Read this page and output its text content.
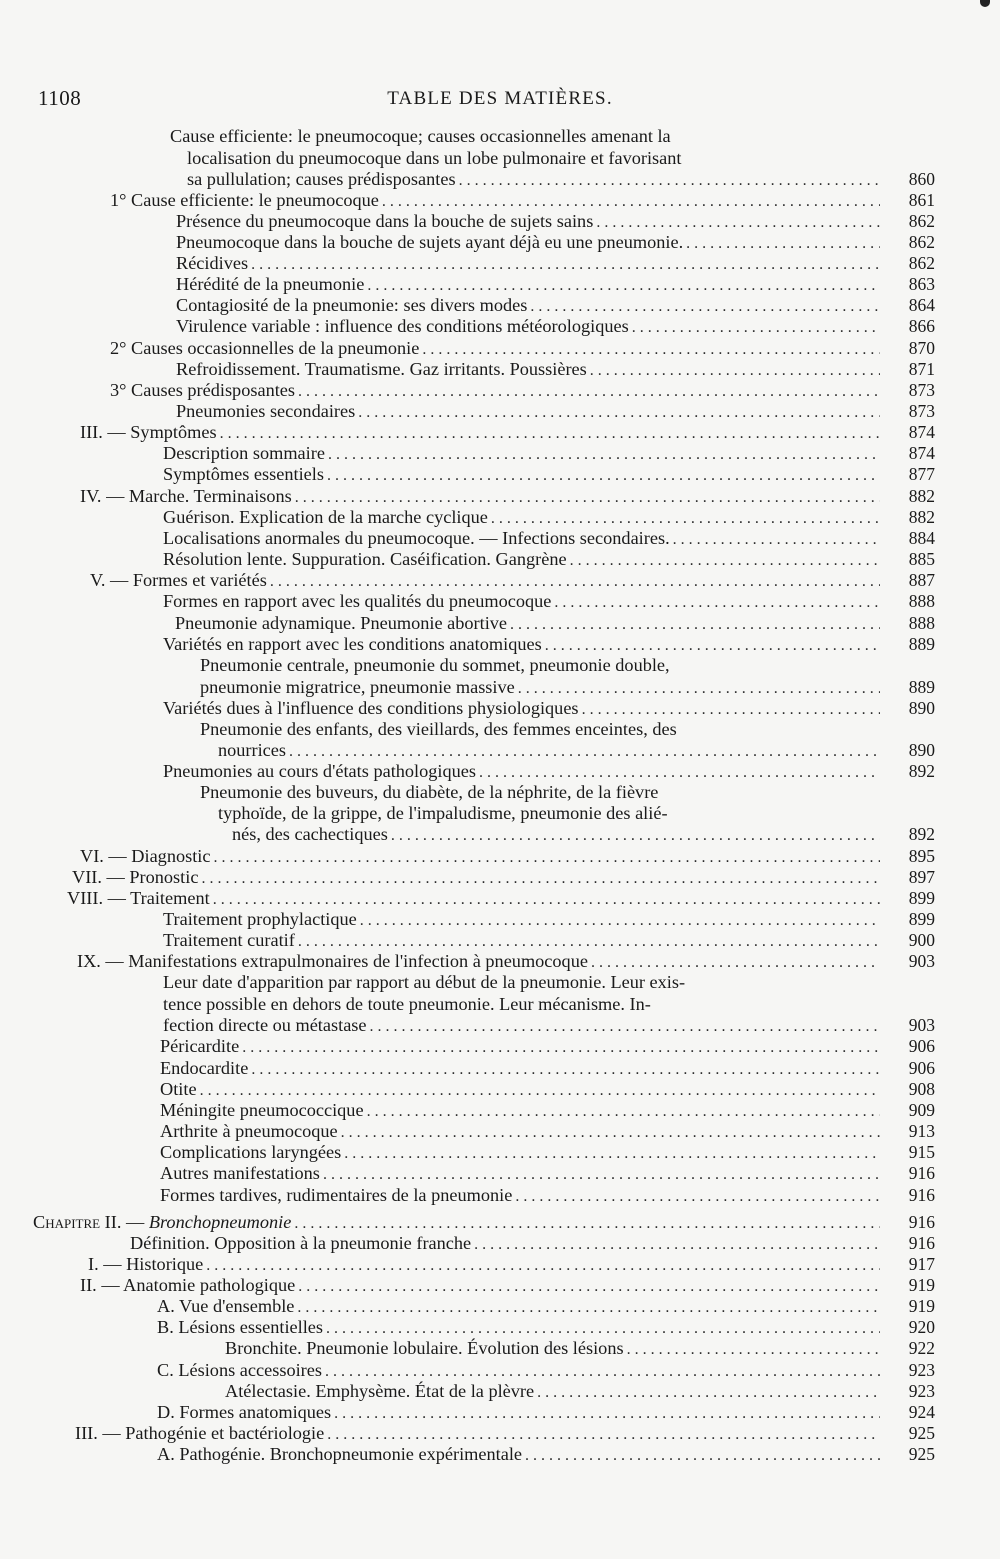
1108	TABLE DES MATIÈRES.
Cause efficiente: le pneumocoque; causes occasionnelles amenant la
localisation du pneumocoque dans un lobe pulmonaire et favorisant
sa pullulation; causes prédisposantes . . .	860
1° Cause efficiente: le pneumocoque . . .	861
Présence du pneumocoque dans la bouche de sujets sains . . .	862
Pneumocoque dans la bouche de sujets ayant déjà eu une pneumonie. . . .	862
Récidives . . .	862
Hérédité de la pneumonie . . .	863
Contagiosité de la pneumonie: ses divers modes . . .	864
Virulence variable : influence des conditions météorologiques . . .	866
2° Causes occasionnelles de la pneumonie . . .	870
Refroidissement. Traumatisme. Gaz irritants. Poussières . . .	871
3° Causes prédisposantes . . .	873
Pneumonies secondaires . . .	873
III. — Symptômes . . .	874
Description sommaire . . .	874
Symptômes essentiels . . .	877
IV. — Marche. Terminaisons . . .	882
Guérison. Explication de la marche cyclique . . .	882
Localisations anormales du pneumocoque. — Infections secondaires. . . .	884
Résolution lente. Suppuration. Caséification. Gangrène . . .	885
V. — Formes et variétés . . .	887
Formes en rapport avec les qualités du pneumocoque . . .	888
Pneumonie adynamique. Pneumonie abortive . . .	888
Variétés en rapport avec les conditions anatomiques . . .	889
Pneumonie centrale, pneumonie du sommet, pneumonie double,
pneumonie migratrice, pneumonie massive . . .	889
Variétés dues à l'influence des conditions physiologiques . . .	890
Pneumonie des enfants, des vieillards, des femmes enceintes, des
nourrices . . .	890
Pneumonies au cours d'états pathologiques . . .	892
Pneumonie des buveurs, du diabète, de la néphrite, de la fièvre
typhoïde, de la grippe, de l'impaludisme, pneumonie des alié-
nés, des cachectiques . . .	892
VI. — Diagnostic . . .	895
VII. — Pronostic . . .	897
VIII. — Traitement . . .	899
Traitement prophylactique . . .	899
Traitement curatif . . .	900
IX. — Manifestations extrapulmonaires de l'infection à pneumocoque . . .	903
Leur date d'apparition par rapport au début de la pneumonie. Leur exis-
tence possible en dehors de toute pneumonie. Leur mécanisme. In-
fection directe ou métastase . . .	903
Péricardite . . .	906
Endocardite . . .	906
Otite . . .	908
Méningite pneumococcique . . .	909
Arthrite à pneumocoque . . .	913
Complications laryngées . . .	915
Autres manifestations . . .	916
Formes tardives, rudimentaires de la pneumonie . . .	916
Chapitre II. — Bronchopneumonie . . .	916
Définition. Opposition à la pneumonie franche . . .	916
I. — Historique . . .	917
II. — Anatomie pathologique . . .	919
A. Vue d'ensemble . . .	919
B. Lésions essentielles . . .	920
Bronchite. Pneumonie lobulaire. Évolution des lésions . . .	922
C. Lésions accessoires . . .	923
Atélectasie. Emphysème. État de la plèvre . . .	923
D. Formes anatomiques . . .	924
III. — Pathogénie et bactériologie . . .	925
A. Pathogénie. Bronchopneumonie expérimentale . . .	925
